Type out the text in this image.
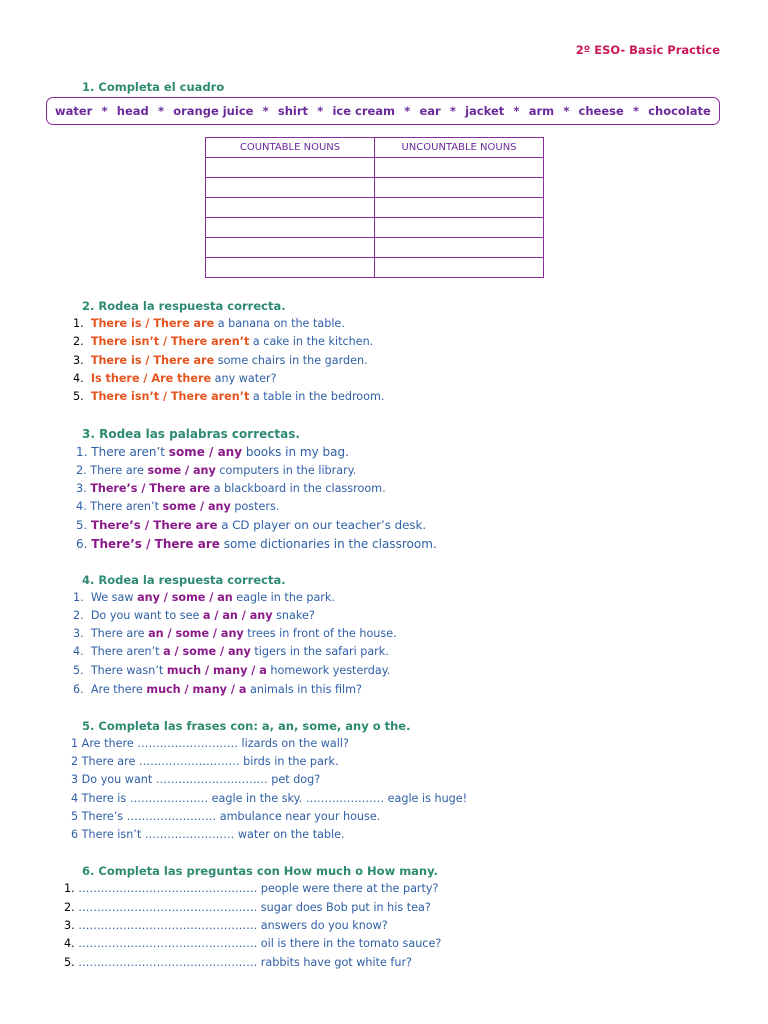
2º ESO- Basic Practice
1. Completa el cuadro
water * head * orange juice * shirt * ice cream * ear * jacket * arm * cheese * chocolate
COUNTABLE NOUNS	UNCOUNTABLE NOUNS

2. Rodea la respuesta correcta.
1. There is / There are a banana on the table.
2. There isn’t / There aren’t a cake in the kitchen.
3. There is / There are some chairs in the garden.
4. Is there / Are there any water?
5. There isn’t / There aren’t a table in the bedroom.
3. Rodea las palabras correctas.
1. There aren’t some / any books in my bag.
2. There are some / any computers in the library.
3. There’s / There are a blackboard in the classroom.
4. There aren’t some / any posters.
5. There’s / There are a CD player on our teacher’s desk.
6. There’s / There are some dictionaries in the classroom.
4. Rodea la respuesta correcta.
1. We saw any / some / an eagle in the park.
2. Do you want to see a / an / any snake?
3. There are an / some / any trees in front of the house.
4. There aren’t a / some / any tigers in the safari park.
5. There wasn’t much / many / a homework yesterday.
6. Are there much / many / a animals in this film?
5. Completa las frases con: a, an, some, any o the.
1 Are there ……………………… lizards on the wall?
2 There are ……………………… birds in the park.
3 Do you want ………………………… pet dog?
4 There is ………………… eagle in the sky. ………………… eagle is huge!
5 There’s …………………… ambulance near your house.
6 There isn’t …………………… water on the table.
6. Completa las preguntas con How much o How many.
1. ………………………………………… people were there at the party?
2. ………………………………………… sugar does Bob put in his tea?
3. ………………………………………… answers do you know?
4. ………………………………………… oil is there in the tomato sauce?
5. ………………………………………… rabbits have got white fur?
